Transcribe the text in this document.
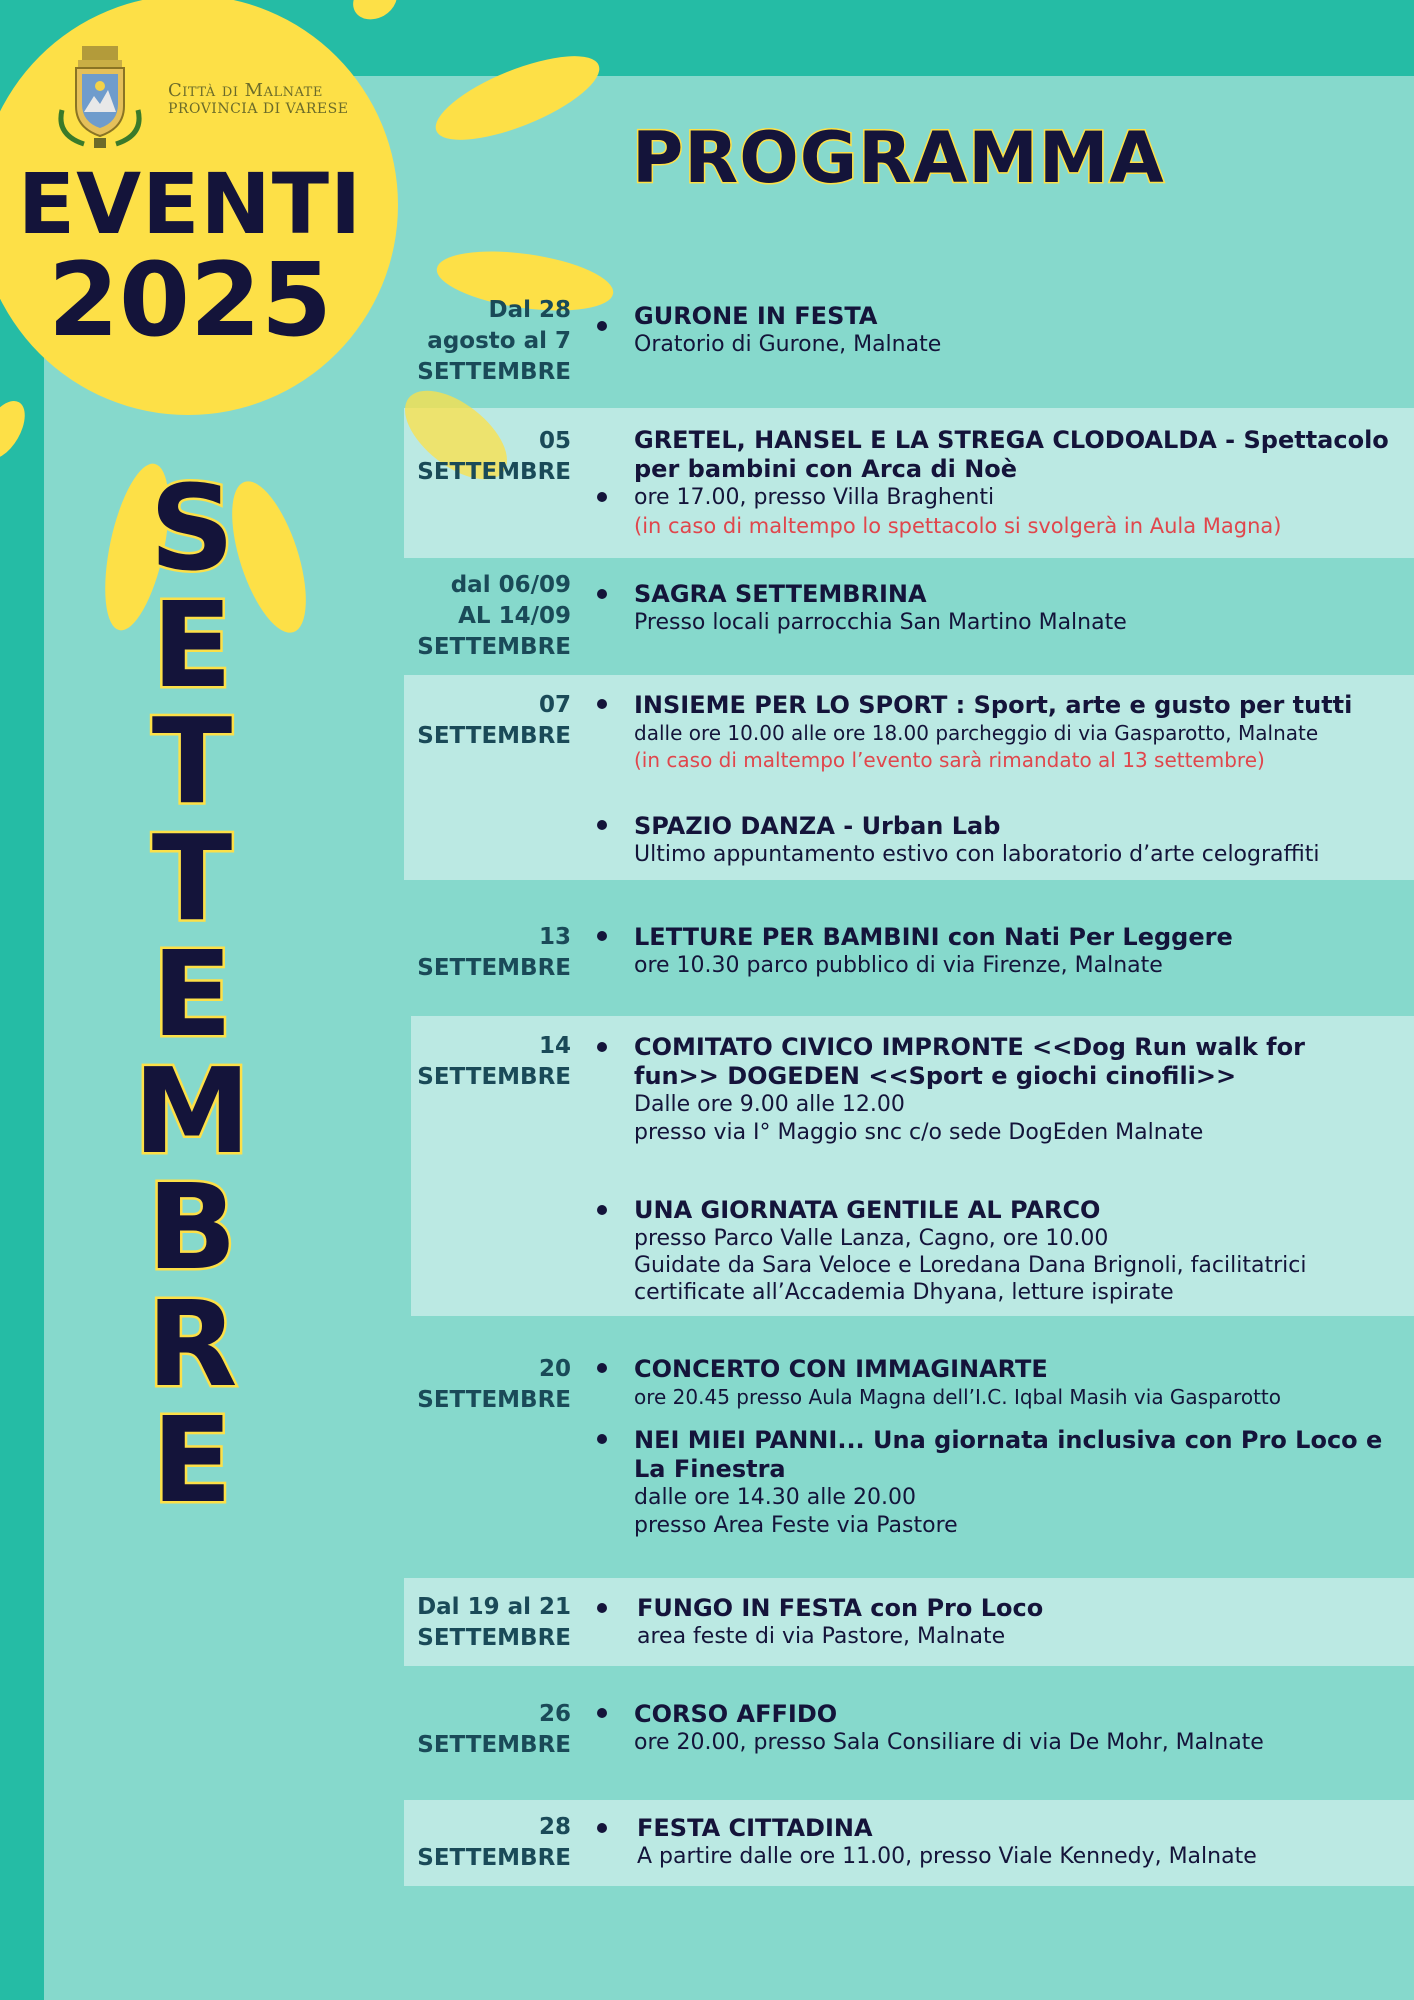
Città di Malnate
PROVINCIA DI VARESE
EVENTI
2025
S
E
T
T
E
M
B
R
E
PROGRAMMA
Dal 28
agosto al 7
SETTEMBRE
GURONE IN FESTA
Oratorio di Gurone, Malnate
05
SETTEMBRE
GRETEL, HANSEL E LA STREGA CLODOALDA - Spettacolo per bambini con Arca di Noè
ore 17.00, presso Villa Braghenti
(in caso di maltempo lo spettacolo si svolgerà in Aula Magna)
dal 06/09
AL 14/09
SETTEMBRE
SAGRA SETTEMBRINA
Presso locali parrocchia San Martino Malnate
07
SETTEMBRE
INSIEME PER LO SPORT : Sport, arte e gusto per tutti
dalle ore 10.00 alle ore 18.00 parcheggio di via Gasparotto, Malnate
(in caso di maltempo l’evento sarà rimandato al 13 settembre)
SPAZIO DANZA - Urban Lab
Ultimo appuntamento estivo con laboratorio d’arte celograffiti
13
SETTEMBRE
LETTURE PER BAMBINI con Nati Per Leggere
ore 10.30 parco pubblico di via Firenze, Malnate
14
SETTEMBRE
COMITATO CIVICO IMPRONTE <<Dog Run walk for fun>> DOGEDEN <<Sport e giochi cinofili>>
Dalle ore 9.00 alle 12.00
presso via I° Maggio snc c/o sede DogEden Malnate
UNA GIORNATA GENTILE AL PARCO
presso Parco Valle Lanza, Cagno, ore 10.00
Guidate da Sara Veloce e Loredana Dana Brignoli, facilitatrici certificate all’Accademia Dhyana, letture ispirate
20
SETTEMBRE
CONCERTO CON IMMAGINARTE
ore 20.45 presso Aula Magna dell’I.C. Iqbal Masih via Gasparotto
NEI MIEI PANNI... Una giornata inclusiva con Pro Loco e La Finestra
dalle ore 14.30 alle 20.00
presso Area Feste via Pastore
Dal 19 al 21
SETTEMBRE
FUNGO IN FESTA con Pro Loco
area feste di via Pastore, Malnate
26
SETTEMBRE
CORSO AFFIDO
ore 20.00, presso Sala Consiliare di via De Mohr, Malnate
28
SETTEMBRE
FESTA CITTADINA
A partire dalle ore 11.00, presso Viale Kennedy, Malnate
